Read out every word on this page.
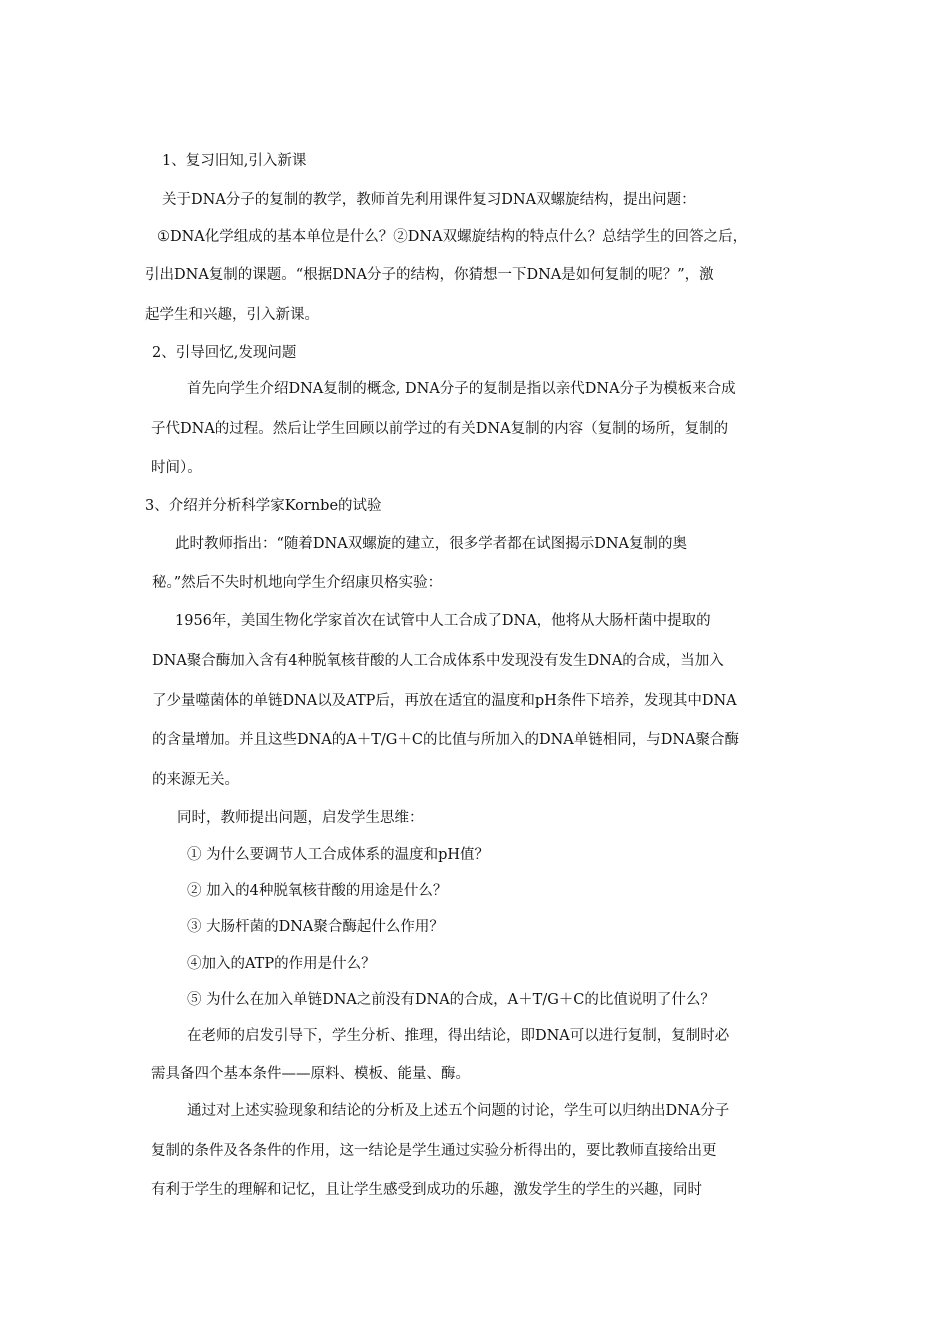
1、复习旧知,引入新课
关于DNA分子的复制的教学，教师首先利用课件复习DNA双螺旋结构，提出问题：
①DNA化学组成的基本单位是什么？②DNA双螺旋结构的特点什么？总结学生的回答之后，
引出DNA复制的课题。“根据DNA分子的结构，你猜想一下DNA是如何复制的呢？”，激
起学生和兴趣，引入新课。
2、引导回忆,发现问题
首先向学生介绍DNA复制的概念, DNA分子的复制是指以亲代DNA分子为模板来合成
子代DNA的过程。然后让学生回顾以前学过的有关DNA复制的内容（复制的场所，复制的
时间）。
3、介绍并分析科学家Kornbe的试验
此时教师指出：“随着DNA双螺旋的建立，很多学者都在试图揭示DNA复制的奥
秘。”然后不失时机地向学生介绍康贝格实验：
1956年，美国生物化学家首次在试管中人工合成了DNA，他将从大肠杆菌中提取的
DNA聚合酶加入含有4种脱氧核苷酸的人工合成体系中发现没有发生DNA的合成，当加入
了少量噬菌体的单链DNA以及ATP后，再放在适宜的温度和pH条件下培养，发现其中DNA
的含量增加。并且这些DNA的A＋T/G＋C的比值与所加入的DNA单链相同，与DNA聚合酶
的来源无关。
同时，教师提出问题，启发学生思维：
① 为什么要调节人工合成体系的温度和pH值？
② 加入的4种脱氧核苷酸的用途是什么？
③ 大肠杆菌的DNA聚合酶起什么作用？
④加入的ATP的作用是什么？
⑤ 为什么在加入单链DNA之前没有DNA的合成，A＋T/G＋C的比值说明了什么？
在老师的启发引导下，学生分析、推理，得出结论，即DNA可以进行复制，复制时必
需具备四个基本条件——原料、模板、能量、酶。
通过对上述实验现象和结论的分析及上述五个问题的讨论，学生可以归纳出DNA分子
复制的条件及各条件的作用，这一结论是学生通过实验分析得出的，要比教师直接给出更
有利于学生的理解和记忆，且让学生感受到成功的乐趣，激发学生的学生的兴趣，同时
